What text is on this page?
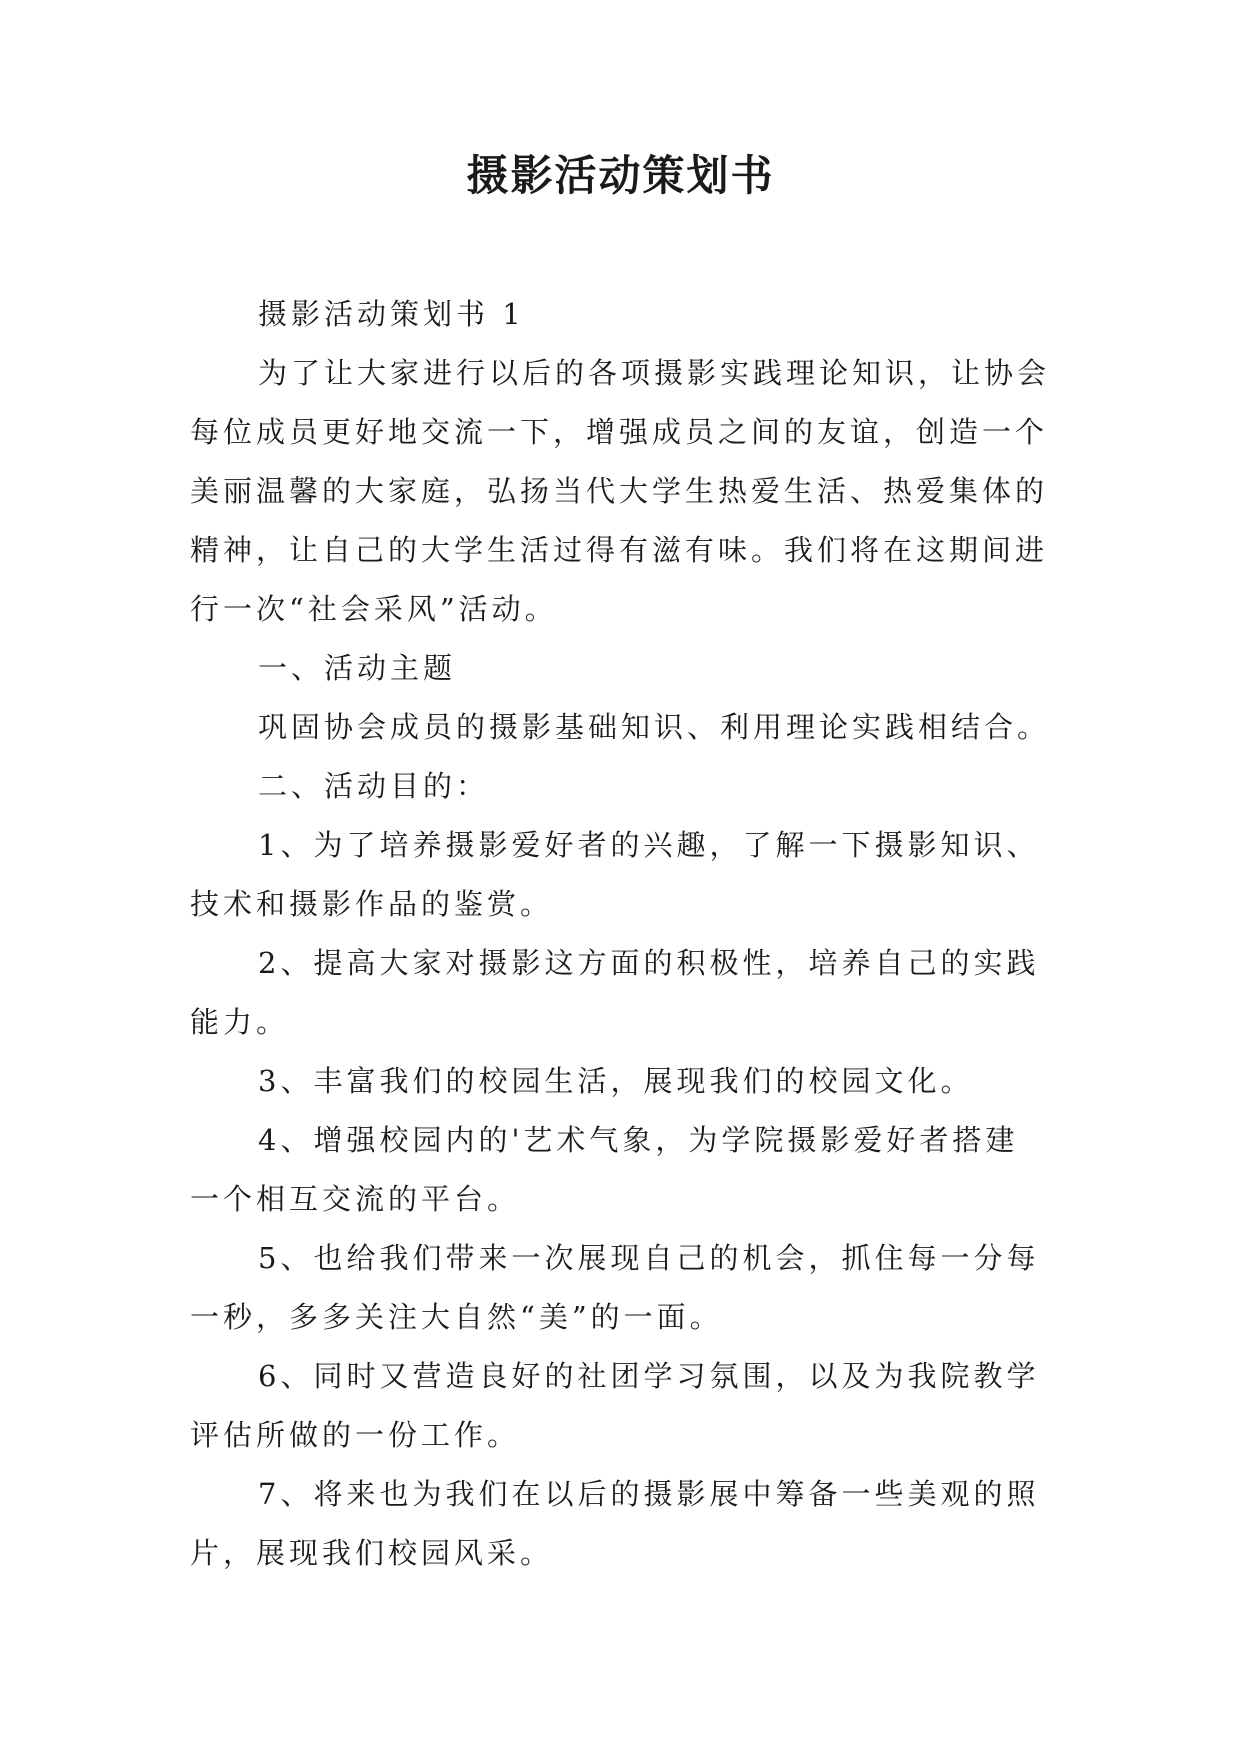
摄影活动策划书

摄影活动策划书 1

为了让大家进行以后的各项摄影实践理论知识，让协会每位成员更好地交流一下，增强成员之间的友谊，创造一个美丽温馨的大家庭，弘扬当代大学生热爱生活、热爱集体的精神，让自己的大学生活过得有滋有味。我们将在这期间进行一次“社会采风”活动。

一、活动主题

巩固协会成员的摄影基础知识、利用理论实践相结合。

二、活动目的：

1、为了培养摄影爱好者的兴趣，了解一下摄影知识、技术和摄影作品的鉴赏。

2、提高大家对摄影这方面的积极性，培养自己的实践能力。

3、丰富我们的校园生活，展现我们的校园文化。

4、增强校园内的'艺术气象，为学院摄影爱好者搭建一个相互交流的平台。

5、也给我们带来一次展现自己的机会，抓住每一分每一秒，多多关注大自然“美”的一面。

6、同时又营造良好的社团学习氛围，以及为我院教学评估所做的一份工作。

7、将来也为我们在以后的摄影展中筹备一些美观的照片，展现我们校园风采。
